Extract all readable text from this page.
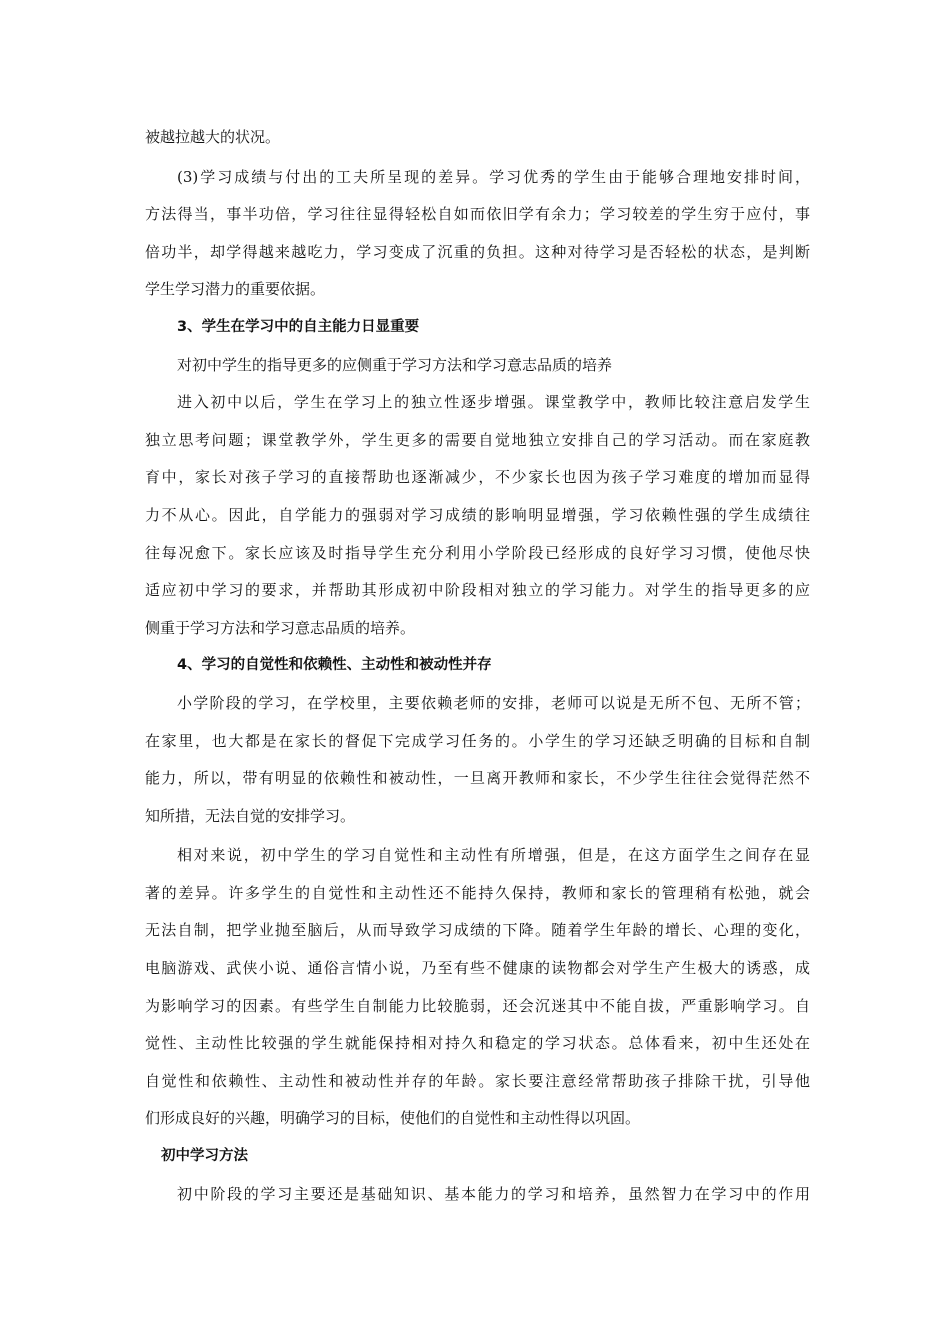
被越拉越大的状况。
(3)学习成绩与付出的工夫所呈现的差异。学习优秀的学生由于能够合理地安排时间，
方法得当，事半功倍，学习往往显得轻松自如而依旧学有余力；学习较差的学生穷于应付，事
倍功半，却学得越来越吃力，学习变成了沉重的负担。这种对待学习是否轻松的状态，是判断
学生学习潜力的重要依据。
3、学生在学习中的自主能力日显重要
对初中学生的指导更多的应侧重于学习方法和学习意志品质的培养
进入初中以后，学生在学习上的独立性逐步增强。课堂教学中，教师比较注意启发学生
独立思考问题；课堂教学外，学生更多的需要自觉地独立安排自己的学习活动。而在家庭教
育中，家长对孩子学习的直接帮助也逐渐减少，不少家长也因为孩子学习难度的增加而显得
力不从心。因此，自学能力的强弱对学习成绩的影响明显增强，学习依赖性强的学生成绩往
往每况愈下。家长应该及时指导学生充分利用小学阶段已经形成的良好学习习惯，使他尽快
适应初中学习的要求，并帮助其形成初中阶段相对独立的学习能力。对学生的指导更多的应
侧重于学习方法和学习意志品质的培养。
4、学习的自觉性和依赖性、主动性和被动性并存
小学阶段的学习，在学校里，主要依赖老师的安排，老师可以说是无所不包、无所不管；
在家里，也大都是在家长的督促下完成学习任务的。小学生的学习还缺乏明确的目标和自制
能力，所以，带有明显的依赖性和被动性，一旦离开教师和家长，不少学生往往会觉得茫然不
知所措，无法自觉的安排学习。
相对来说，初中学生的学习自觉性和主动性有所增强，但是，在这方面学生之间存在显
著的差异。许多学生的自觉性和主动性还不能持久保持，教师和家长的管理稍有松弛，就会
无法自制，把学业抛至脑后，从而导致学习成绩的下降。随着学生年龄的增长、心理的变化，
电脑游戏、武侠小说、通俗言情小说，乃至有些不健康的读物都会对学生产生极大的诱惑，成
为影响学习的因素。有些学生自制能力比较脆弱，还会沉迷其中不能自拔，严重影响学习。自
觉性、主动性比较强的学生就能保持相对持久和稳定的学习状态。总体看来，初中生还处在
自觉性和依赖性、主动性和被动性并存的年龄。家长要注意经常帮助孩子排除干扰，引导他
们形成良好的兴趣，明确学习的目标，使他们的自觉性和主动性得以巩固。
初中学习方法
初中阶段的学习主要还是基础知识、基本能力的学习和培养，虽然智力在学习中的作用
